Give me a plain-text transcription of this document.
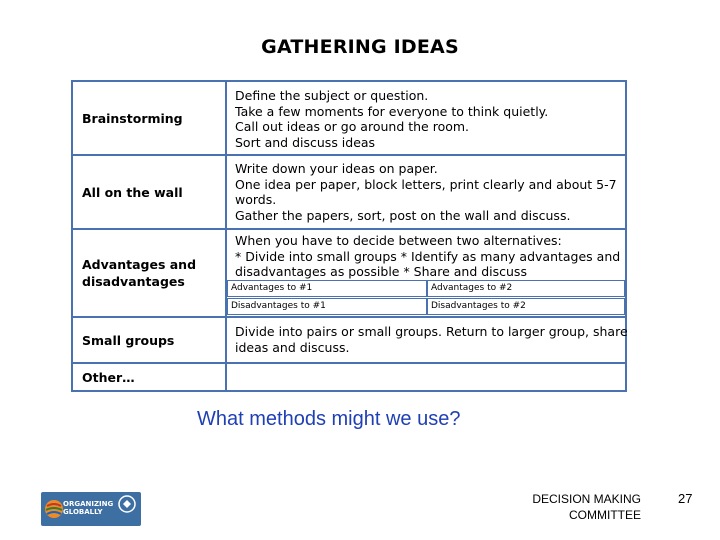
GATHERING IDEAS
Brainstorming
Define the subject or question.
Take a few moments for everyone to think quietly.
Call out ideas or go around the room.
Sort and discuss ideas
All on the wall
Write down your ideas on paper.
One idea per paper, block letters, print clearly and about 5-7
words.
Gather the papers, sort, post on the wall and discuss.
Advantages and
disadvantages
When you have to decide between two alternatives:
* Divide into small groups * Identify as many advantages and
disadvantages as possible * Share and discuss
Advantages to #1	Advantages to #2
Disadvantages to #1	Disadvantages to #2
Small groups
Divide into pairs or small groups. Return to larger group, share
ideas and discuss.
Other…
What methods might we use?
ORGANIZING
GLOBALLY
DECISION MAKING
COMMITTEE
27
